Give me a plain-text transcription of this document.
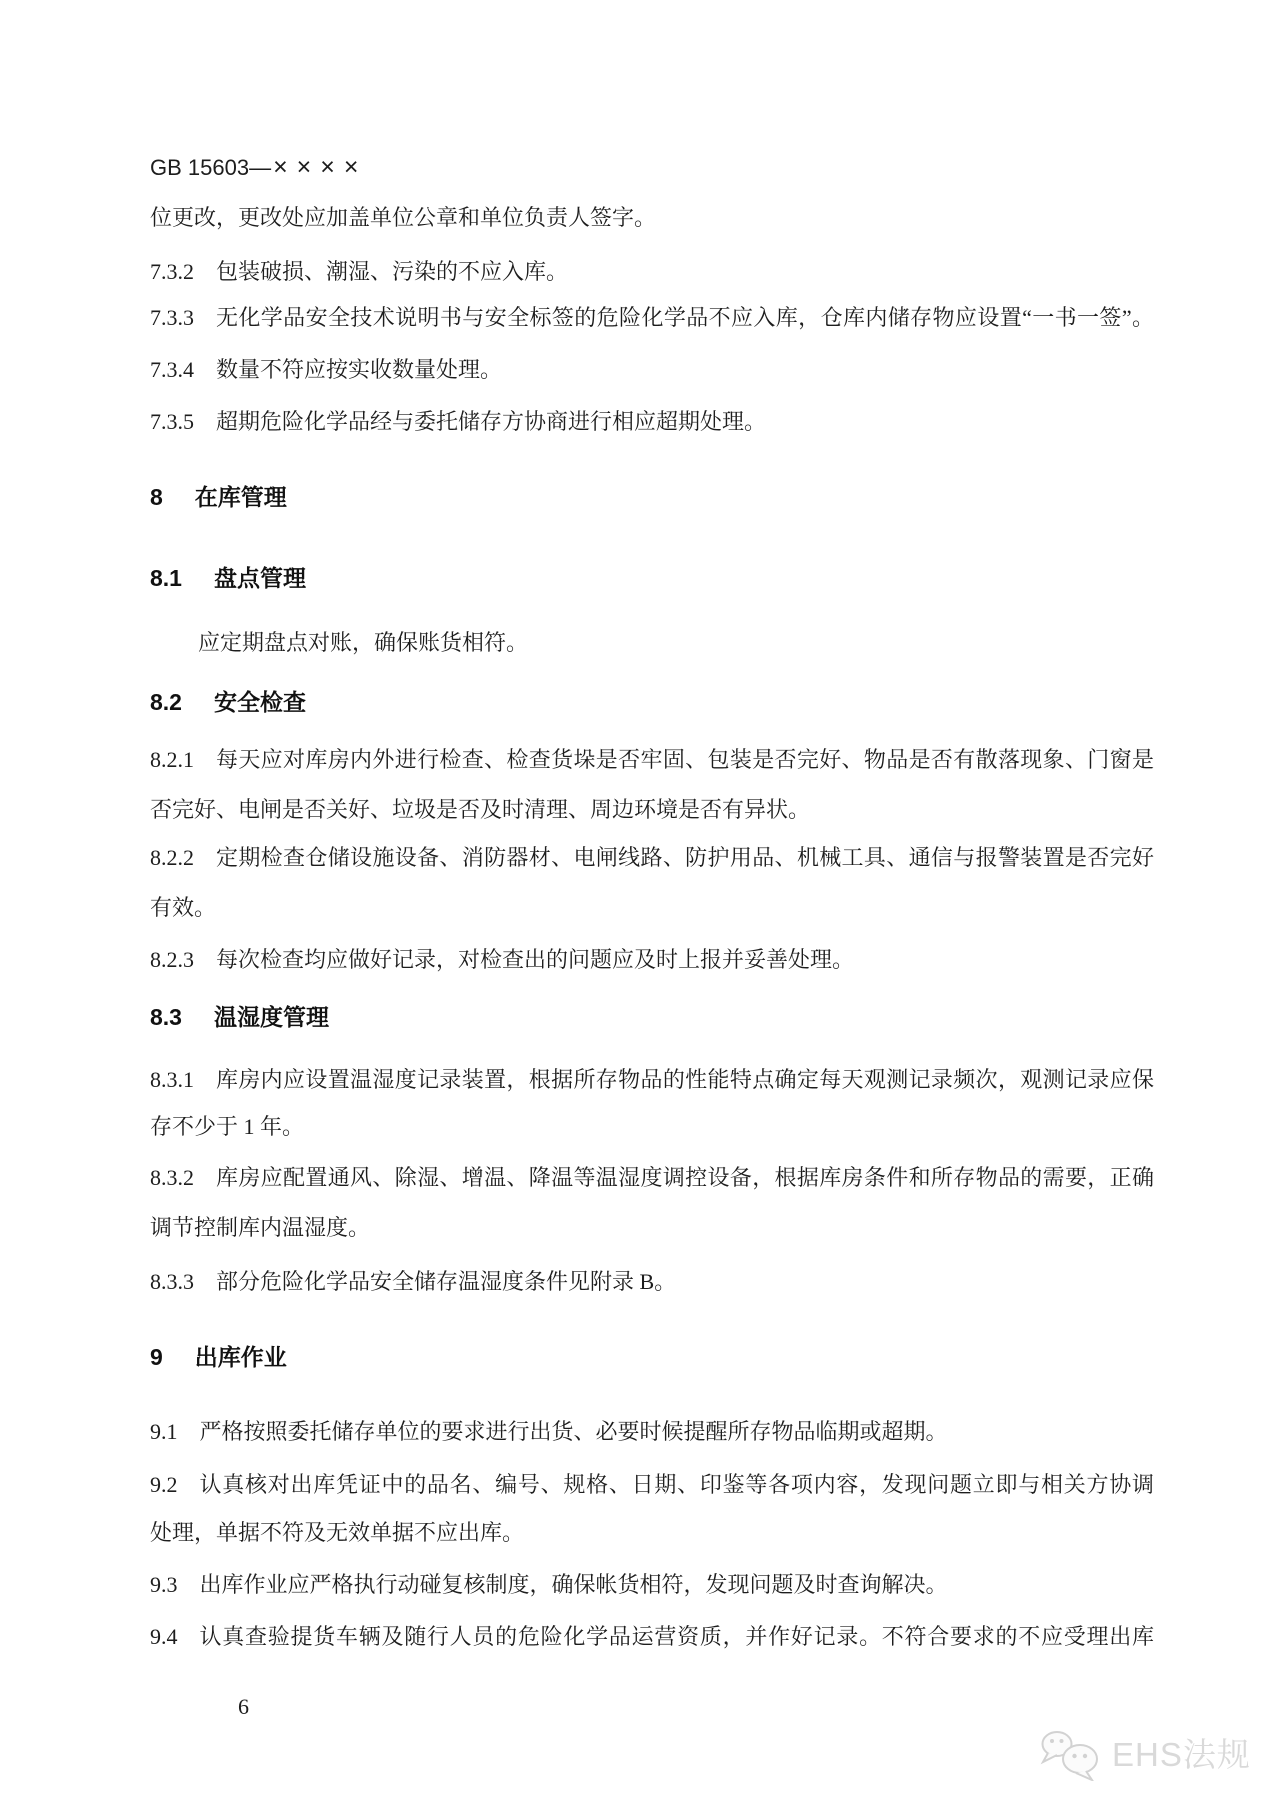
GB 15603— ××××
位更改，更改处应加盖单位公章和单位负责人签字。
7.3.2 包装破损、潮湿、污染的不应入库。
7.3.3 无化学品安全技术说明书与安全标签的危险化学品不应入库，仓库内储存物应设置“一书一签”。
7.3.4 数量不符应按实收数量处理。
7.3.5 超期危险化学品经与委托储存方协商进行相应超期处理。
8 在库管理
8.1 盘点管理
应定期盘点对账，确保账货相符。
8.2 安全检查
8.2.1 每天应对库房内外进行检查、检查货垛是否牢固、包装是否完好、物品是否有散落现象、门窗是
否完好、电闸是否关好、垃圾是否及时清理、周边环境是否有异状。
8.2.2 定期检查仓储设施设备、消防器材、电闸线路、防护用品、机械工具、通信与报警装置是否完好
有效。
8.2.3 每次检查均应做好记录，对检查出的问题应及时上报并妥善处理。
8.3 温湿度管理
8.3.1 库房内应设置温湿度记录装置，根据所存物品的性能特点确定每天观测记录频次，观测记录应保
存不少于 1 年。
8.3.2 库房应配置通风、除湿、增温、降温等温湿度调控设备，根据库房条件和所存物品的需要，正确
调节控制库内温湿度。
8.3.3 部分危险化学品安全储存温湿度条件见附录 B。
9 出库作业
9.1 严格按照委托储存单位的要求进行出货、必要时候提醒所存物品临期或超期。
9.2 认真核对出库凭证中的品名、编号、规格、日期、印鉴等各项内容，发现问题立即与相关方协调
处理，单据不符及无效单据不应出库。
9.3 出库作业应严格执行动碰复核制度，确保帐货相符，发现问题及时查询解决。
9.4 认真查验提货车辆及随行人员的危险化学品运营资质，并作好记录。不符合要求的不应受理出库
6
EHS法规
